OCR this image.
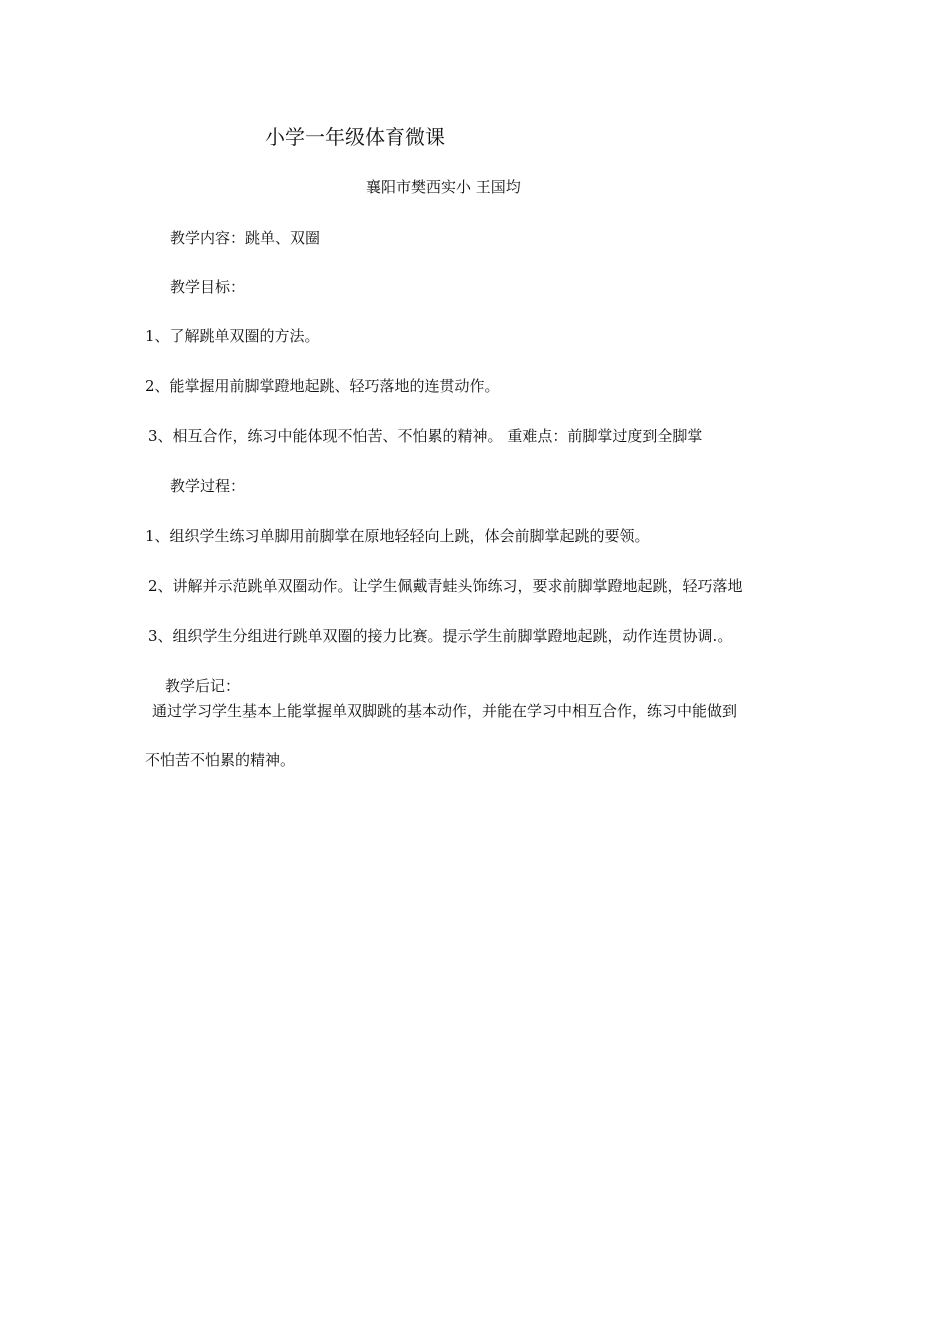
小学一年级体育微课
襄阳市樊西实小 王国均
教学内容：跳单、双圈
教学目标：
1、了解跳单双圈的方法。
2、能掌握用前脚掌蹬地起跳、轻巧落地的连贯动作。
3、相互合作，练习中能体现不怕苦、不怕累的精神。 重难点：前脚掌过度到全脚掌
教学过程：
1、组织学生练习单脚用前脚掌在原地轻轻向上跳，体会前脚掌起跳的要领。
2、讲解并示范跳单双圈动作。让学生佩戴青蛙头饰练习，要求前脚掌蹬地起跳，轻巧落地
3、组织学生分组进行跳单双圈的接力比赛。提示学生前脚掌蹬地起跳，动作连贯协调.。
教学后记：
通过学习学生基本上能掌握单双脚跳的基本动作，并能在学习中相互合作，练习中能做到
不怕苦不怕累的精神。
